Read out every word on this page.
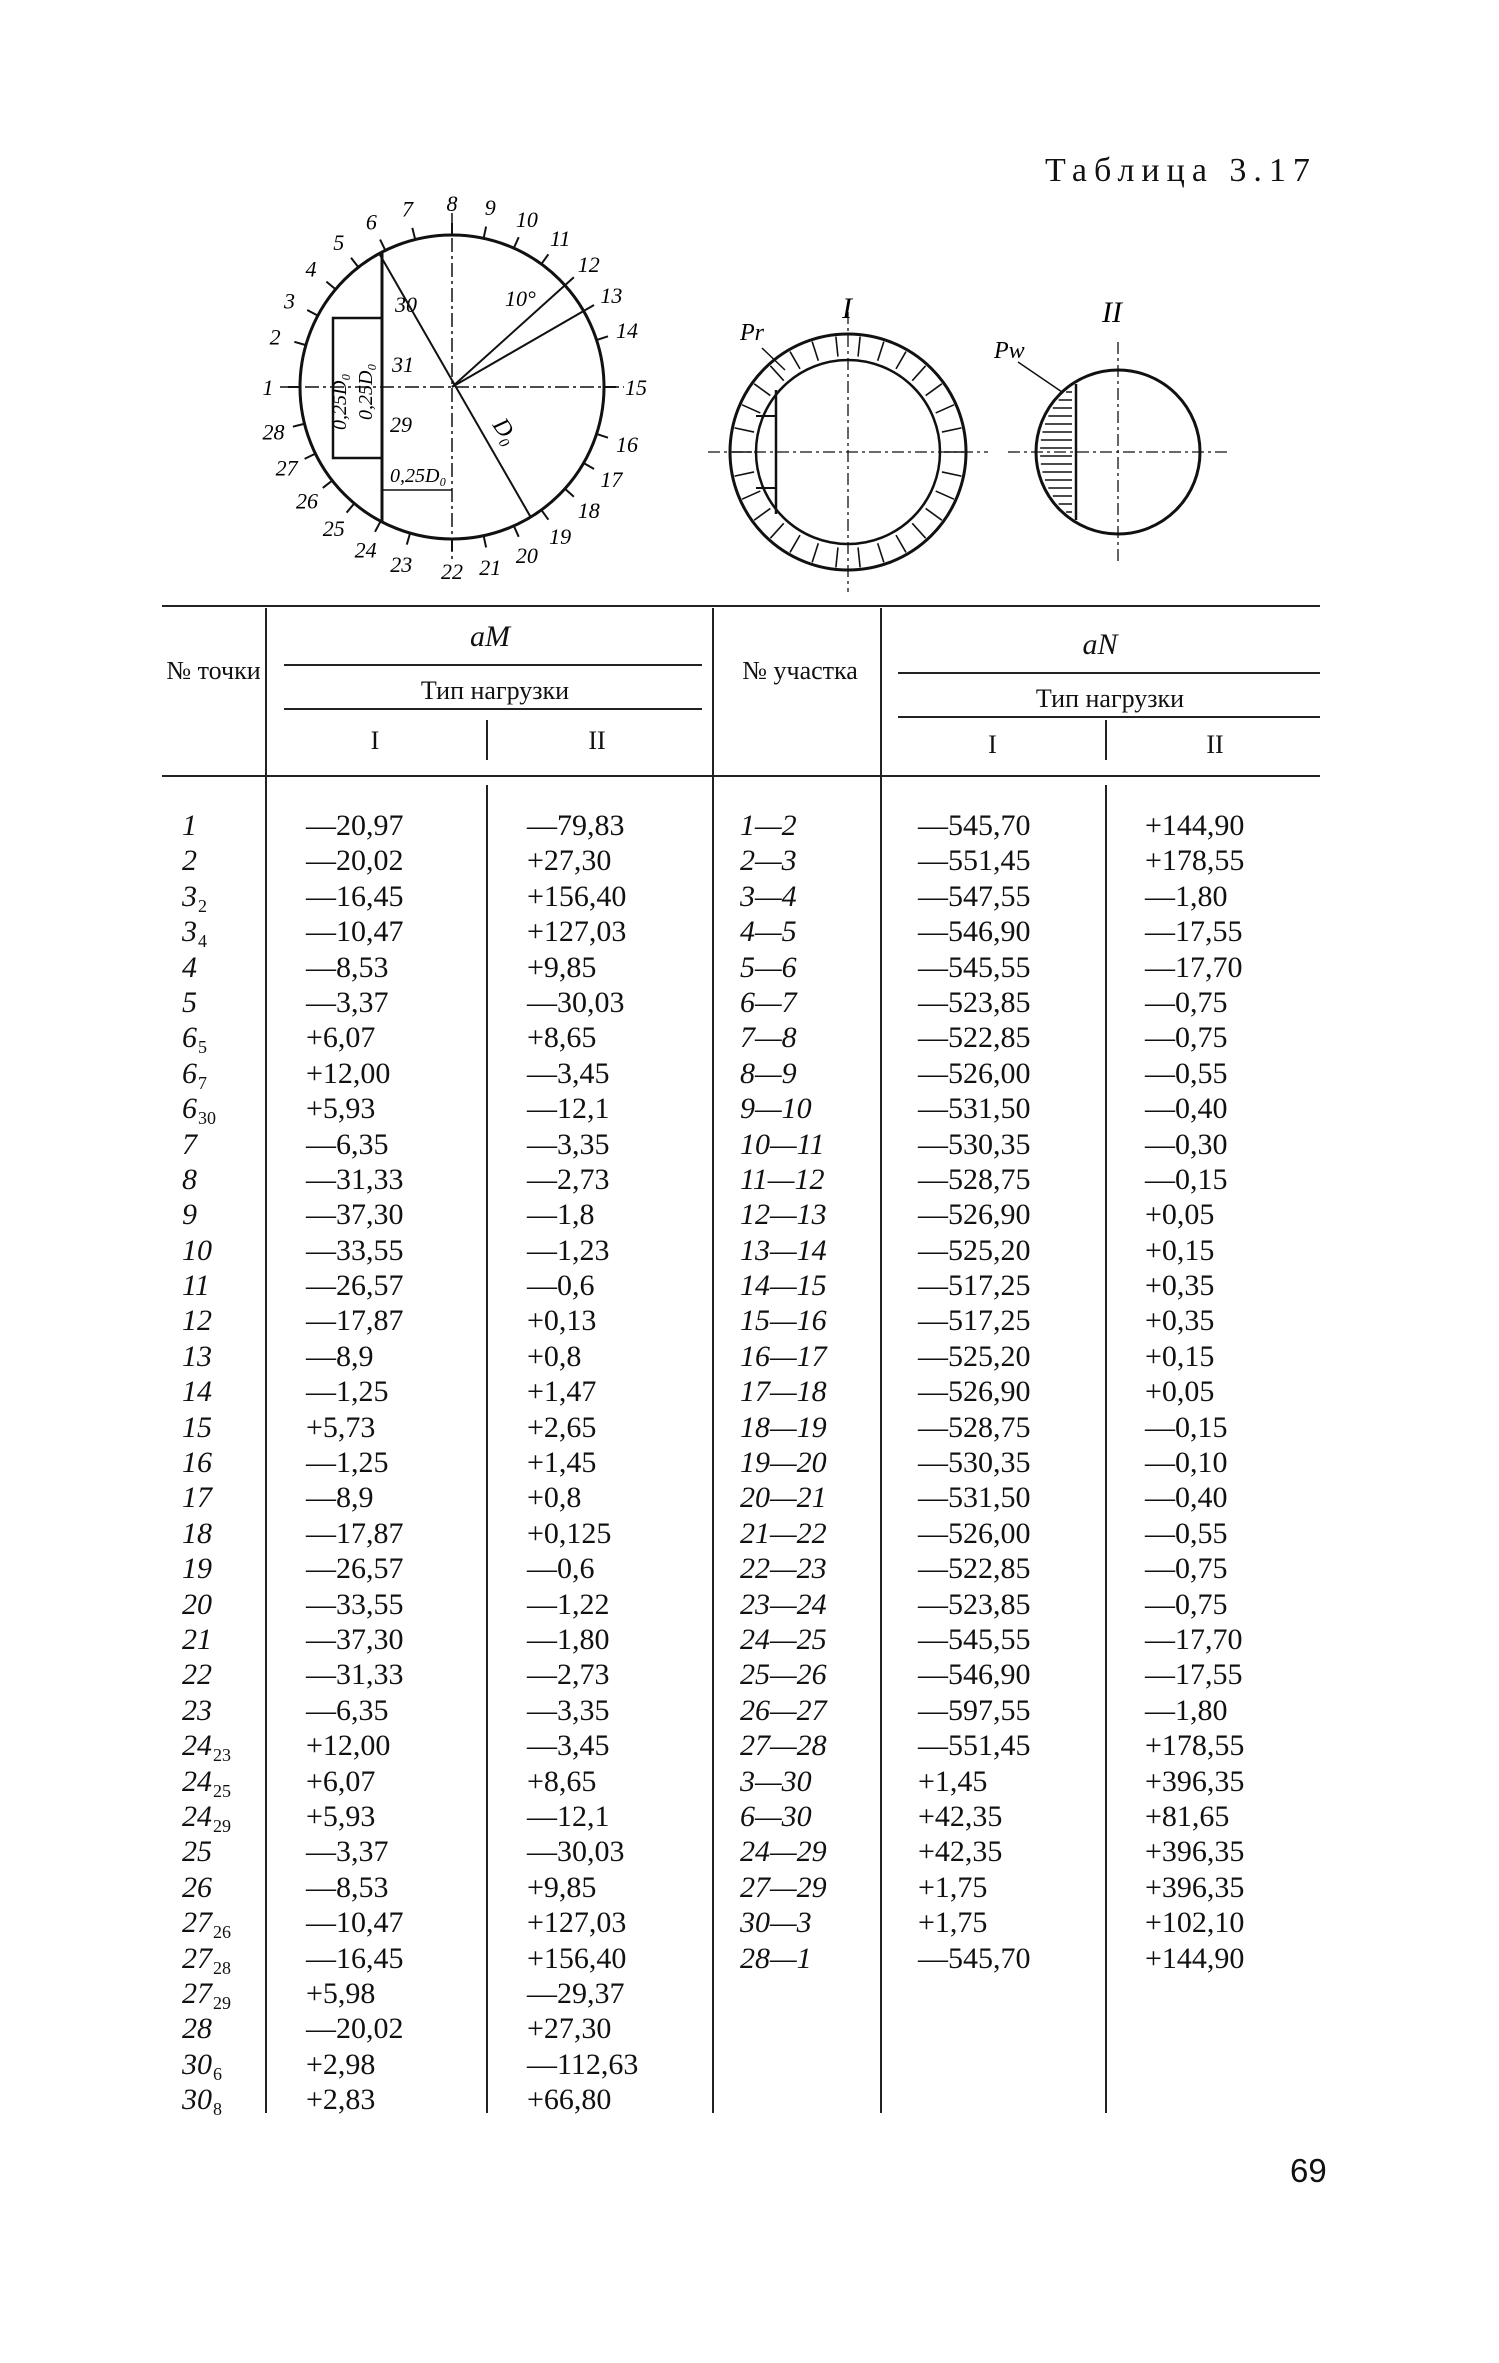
Таблица 3.17
8 9 10
11
12
13
14
15
16
17
18
19
20
21
22
23
24
25
26
27
28
1
2
3
4
5
6
7
30
31
29
10°
D₀
0,25D₀ 0,25D₀
0,25D₀
Pr
I
Pw
II
№ точки
aM
Тип нагрузки
I	II
№ участка
aN
Тип нагрузки
I	II
1
2
$3_2$
$3_4$
4
5
$6_5$
$6_7$
$6_{30}$
7
8
9
10
11
12
13
14
15
16
17
18
19
20
21
22
23
$24_{23}$
$24_{25}$
$24_{29}$
25
26
$27_{26}$
$27_{28}$
$27_{29}$
28
$30_6$
$30_8$
—20,97
—20,02
—16,45
—10,47
—8,53
—3,37
+6,07
+12,00
+5,93
—6,35
—31,33
—37,30
—33,55
—26,57
—17,87
—8,9
—1,25
+5,73
—1,25
—8,9
—17,87
—26,57
—33,55
—37,30
—31,33
—6,35
+12,00
+6,07
+5,93
—3,37
—8,53
—10,47
—16,45
+5,98
—20,02
+2,98
+2,83
—79,83
+27,30
+156,40
+127,03
+9,85
—30,03
+8,65
—3,45
—12,1
—3,35
—2,73
—1,8
—1,23
—0,6
+0,13
+0,8
+1,47
+2,65
+1,45
+0,8
+0,125
—0,6
—1,22
—1,80
—2,73
—3,35
—3,45
+8,65
—12,1
—30,03
+9,85
+127,03
+156,40
—29,37
+27,30
—112,63
+66,80
1—2
2—3
3—4
4—5
5—6
6—7
7—8
8—9
9—10
10—11
11—12
12—13
13—14
14—15
15—16
16—17
17—18
18—19
19—20
20—21
21—22
22—23
23—24
24—25
25—26
26—27
27—28
3—30
6—30
24—29
27—29
30—3
28—1
—545,70
—551,45
—547,55
—546,90
—545,55
—523,85
—522,85
—526,00
—531,50
—530,35
—528,75
—526,90
—525,20
—517,25
—517,25
—525,20
—526,90
—528,75
—530,35
—531,50
—526,00
—522,85
—523,85
—545,55
—546,90
—597,55
—551,45
+1,45
+42,35
+42,35
+1,75
+1,75
—545,70
+144,90
+178,55
—1,80
—17,55
—17,70
—0,75
—0,75
—0,55
—0,40
—0,30
—0,15
+0,05
+0,15
+0,35
+0,35
+0,15
+0,05
—0,15
—0,10
—0,40
—0,55
—0,75
—0,75
—17,70
—17,55
—1,80
+178,55
+396,35
+81,65
+396,35
+396,35
+102,10
+144,90
69
